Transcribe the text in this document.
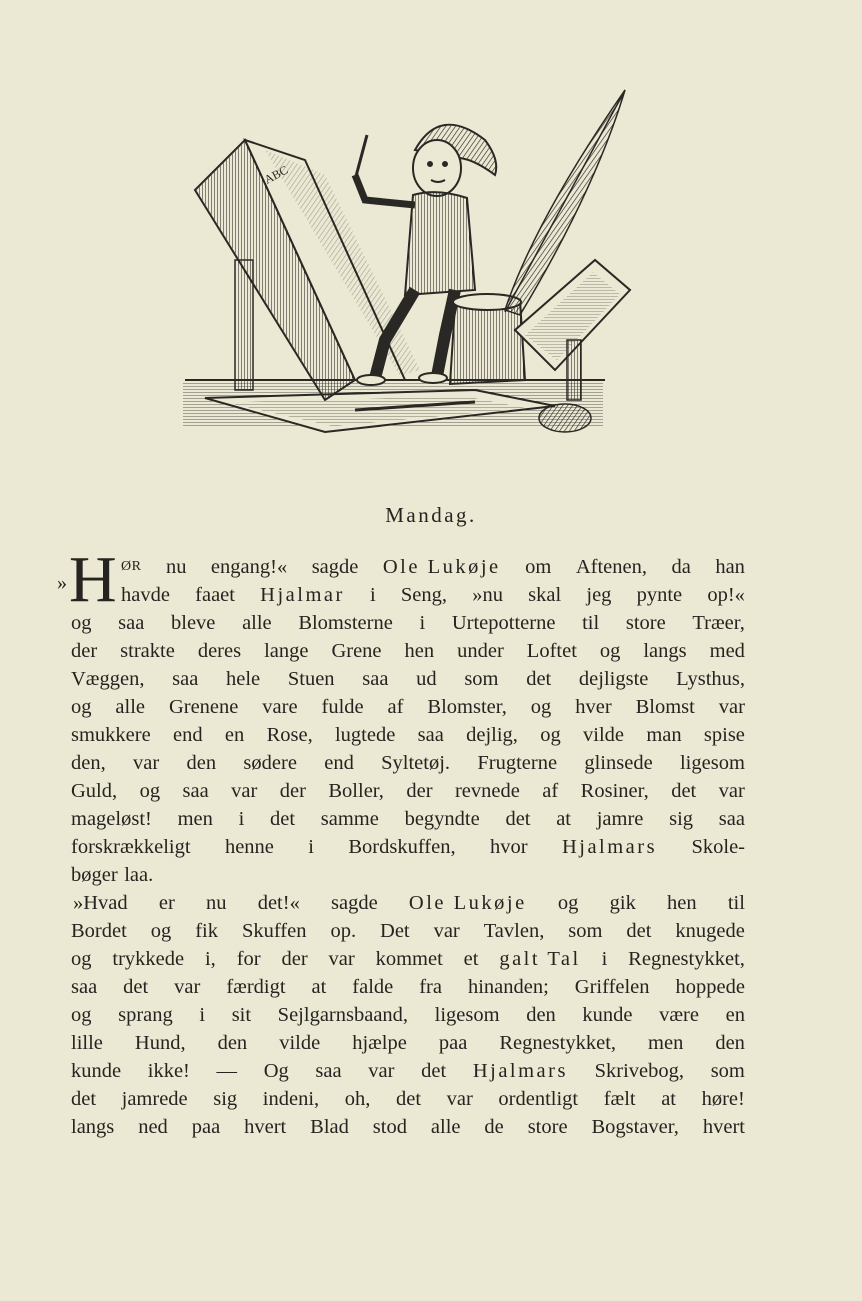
ABC
Mandag.
» H ØR nu engang!« sagde Ole Lukøje om Aftenen, da han
havde faaet Hjalmar i Seng, »nu skal jeg pynte op!«
og saa bleve alle Blomsterne i Urtepotterne til store Træer,
der strakte deres lange Grene hen under Loftet og langs med
Væggen, saa hele Stuen saa ud som det dejligste Lysthus,
og alle Grenene vare fulde af Blomster, og hver Blomst var
smukkere end en Rose, lugtede saa dejlig, og vilde man spise
den, var den sødere end Syltetøj. Frugterne glinsede ligesom
Guld, og saa var der Boller, der revnede af Rosiner, det var
mageløst! men i det samme begyndte det at jamre sig saa
forskrækkeligt henne i Bordskuffen, hvor Hjalmars Skole-
bøger laa.
»Hvad er nu det!« sagde Ole Lukøje og gik hen til
Bordet og fik Skuffen op. Det var Tavlen, som det knugede
og trykkede i, for der var kommet et galt Tal i Regnestykket,
saa det var færdigt at falde fra hinanden; Griffelen hoppede
og sprang i sit Sejlgarnsbaand, ligesom den kunde være en
lille Hund, den vilde hjælpe paa Regnestykket, men den
kunde ikke! — Og saa var det Hjalmars Skrivebog, som
det jamrede sig indeni, oh, det var ordentligt fælt at høre!
langs ned paa hvert Blad stod alle de store Bogstaver, hvert
